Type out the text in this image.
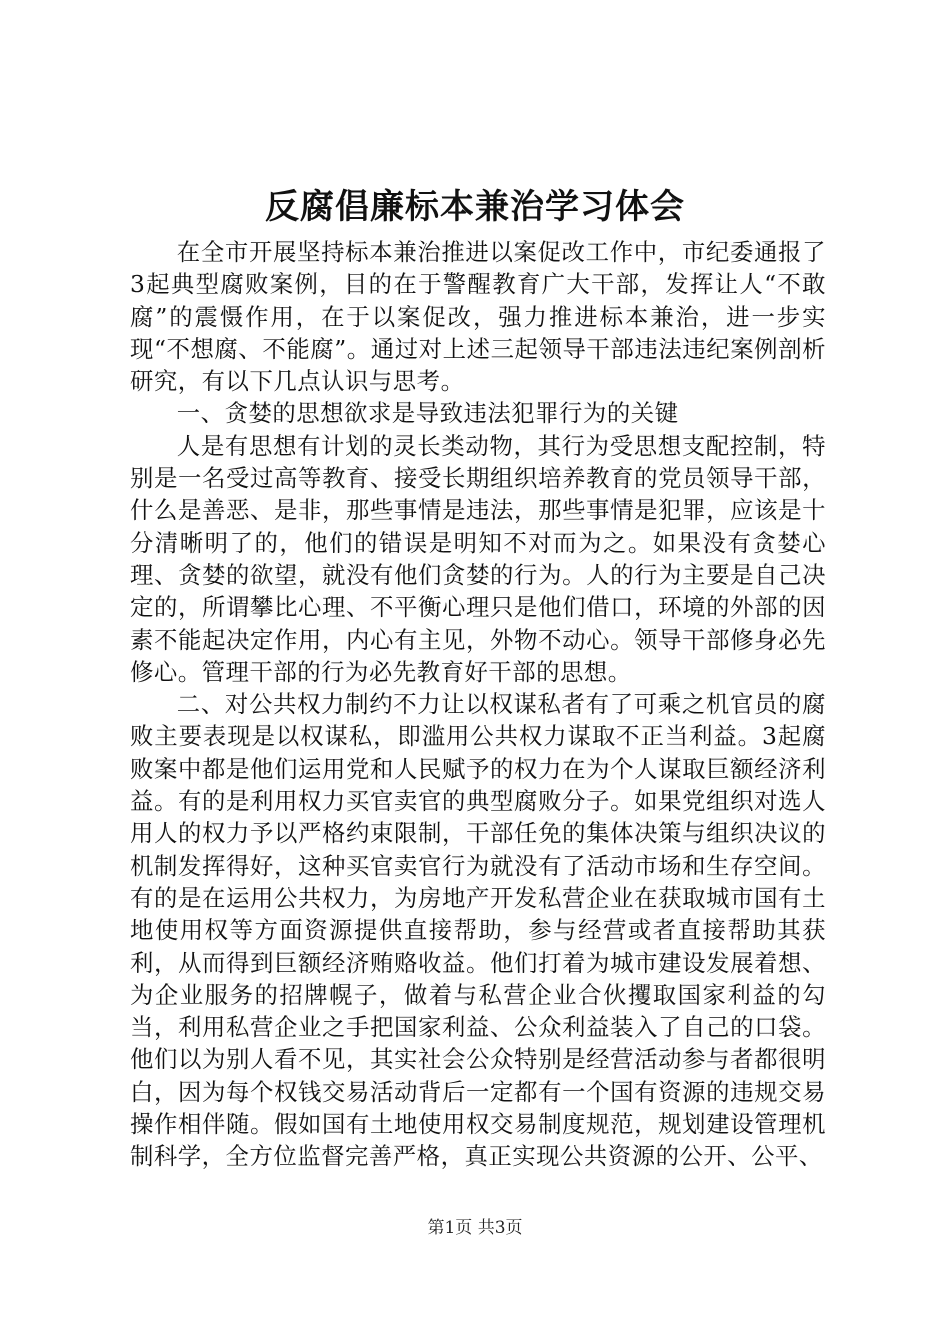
反腐倡廉标本兼治学习体会

在全市开展坚持标本兼治推进以案促改工作中，市纪委通报了3起典型腐败案例，目的在于警醒教育广大干部，发挥让人“不敢腐”的震慑作用，在于以案促改，强力推进标本兼治，进一步实现“不想腐、不能腐”。通过对上述三起领导干部违法违纪案例剖析研究，有以下几点认识与思考。

一、贪婪的思想欲求是导致违法犯罪行为的关键

人是有思想有计划的灵长类动物，其行为受思想支配控制，特别是一名受过高等教育、接受长期组织培养教育的党员领导干部，什么是善恶、是非，那些事情是违法，那些事情是犯罪，应该是十分清晰明了的，他们的错误是明知不对而为之。如果没有贪婪心理、贪婪的欲望，就没有他们贪婪的行为。人的行为主要是自己决定的，所谓攀比心理、不平衡心理只是他们借口，环境的外部的因素不能起决定作用，内心有主见，外物不动心。领导干部修身必先修心。管理干部的行为必先教育好干部的思想。

二、对公共权力制约不力让以权谋私者有了可乘之机官员的腐败主要表现是以权谋私，即滥用公共权力谋取不正当利益。3起腐败案中都是他们运用党和人民赋予的权力在为个人谋取巨额经济利益。有的是利用权力买官卖官的典型腐败分子。如果党组织对选人用人的权力予以严格约束限制，干部任免的集体决策与组织决议的机制发挥得好，这种买官卖官行为就没有了活动市场和生存空间。有的是在运用公共权力，为房地产开发私营企业在获取城市国有土地使用权等方面资源提供直接帮助，参与经营或者直接帮助其获利，从而得到巨额经济贿赂收益。他们打着为城市建设发展着想、为企业服务的招牌幌子，做着与私营企业合伙攫取国家利益的勾当，利用私营企业之手把国家利益、公众利益装入了自己的口袋。他们以为别人看不见，其实社会公众特别是经营活动参与者都很明白，因为每个权钱交易活动背后一定都有一个国有资源的违规交易操作相伴随。假如国有土地使用权交易制度规范，规划建设管理机制科学，全方位监督完善严格，真正实现公共资源的公开、公平、

第1页 共3页
